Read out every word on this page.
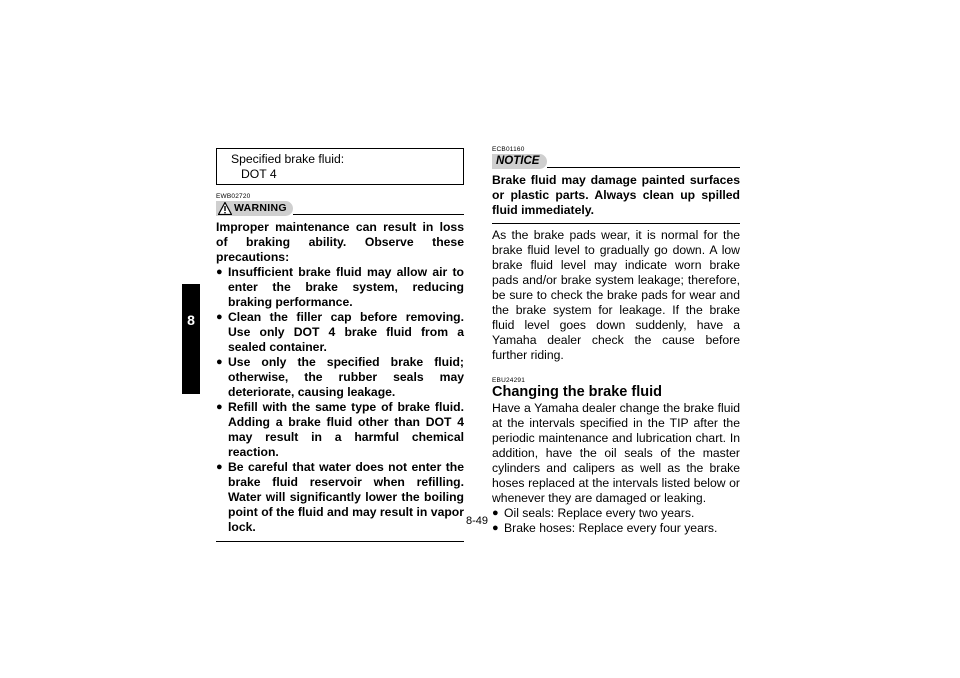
8
Specified brake fluid:
DOT 4
EWB02720
WARNING
Improper maintenance can result in loss of braking ability. Observe these precautions:
● Insufficient brake fluid may allow air to enter the brake system, reducing braking performance.
● Clean the filler cap before removing. Use only DOT 4 brake fluid from a sealed container.
● Use only the specified brake fluid; otherwise, the rubber seals may deteriorate, causing leakage.
● Refill with the same type of brake fluid. Adding a brake fluid other than DOT 4 may result in a harmful chemical reaction.
● Be careful that water does not enter the brake fluid reservoir when refilling. Water will significantly lower the boiling point of the fluid and may result in vapor lock.
ECB01160
NOTICE
Brake fluid may damage painted surfaces or plastic parts. Always clean up spilled fluid immediately.
As the brake pads wear, it is normal for the brake fluid level to gradually go down. A low brake fluid level may indicate worn brake pads and/or brake system leakage; therefore, be sure to check the brake pads for wear and the brake system for leakage. If the brake fluid level goes down suddenly, have a Yamaha dealer check the cause before further riding.
EBU24291
Changing the brake fluid
Have a Yamaha dealer change the brake fluid at the intervals specified in the TIP after the periodic maintenance and lubrication chart. In addition, have the oil seals of the master cylinders and calipers as well as the brake hoses replaced at the intervals listed below or whenever they are damaged or leaking.
● Oil seals: Replace every two years.
● Brake hoses: Replace every four years.
8-49
